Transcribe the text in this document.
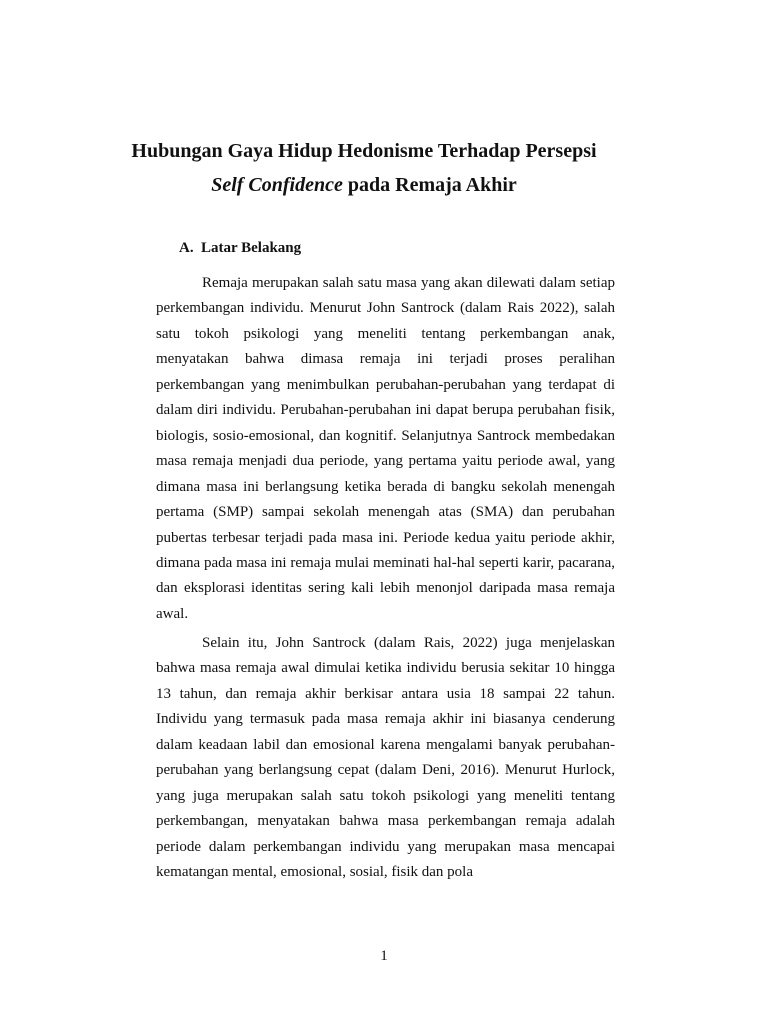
Hubungan Gaya Hidup Hedonisme Terhadap Persepsi
Self Confidence pada Remaja Akhir
A. Latar Belakang

Remaja merupakan salah satu masa yang akan dilewati dalam setiap perkembangan individu. Menurut John Santrock (dalam Rais 2022), salah satu tokoh psikologi yang meneliti tentang perkembangan anak, menyatakan bahwa dimasa remaja ini terjadi proses peralihan perkembangan yang menimbulkan perubahan-perubahan yang terdapat di dalam diri individu. Perubahan-perubahan ini dapat berupa perubahan fisik, biologis, sosio-emosional, dan kognitif. Selanjutnya Santrock membedakan masa remaja menjadi dua periode, yang pertama yaitu periode awal, yang dimana masa ini berlangsung ketika berada di bangku sekolah menengah pertama (SMP) sampai sekolah menengah atas (SMA) dan perubahan pubertas terbesar terjadi pada masa ini. Periode kedua yaitu periode akhir, dimana pada masa ini remaja mulai meminati hal-hal seperti karir, pacarana, dan eksplorasi identitas sering kali lebih menonjol daripada masa remaja awal.

Selain itu, John Santrock (dalam Rais, 2022) juga menjelaskan bahwa masa remaja awal dimulai ketika individu berusia sekitar 10 hingga 13 tahun, dan remaja akhir berkisar antara usia 18 sampai 22 tahun. Individu yang termasuk pada masa remaja akhir ini biasanya cenderung dalam keadaan labil dan emosional karena mengalami banyak perubahan-perubahan yang berlangsung cepat (dalam Deni, 2016). Menurut Hurlock, yang juga merupakan salah satu tokoh psikologi yang meneliti tentang perkembangan, menyatakan bahwa masa perkembangan remaja adalah periode dalam perkembangan individu yang merupakan masa mencapai kematangan mental, emosional, sosial, fisik dan pola

1
